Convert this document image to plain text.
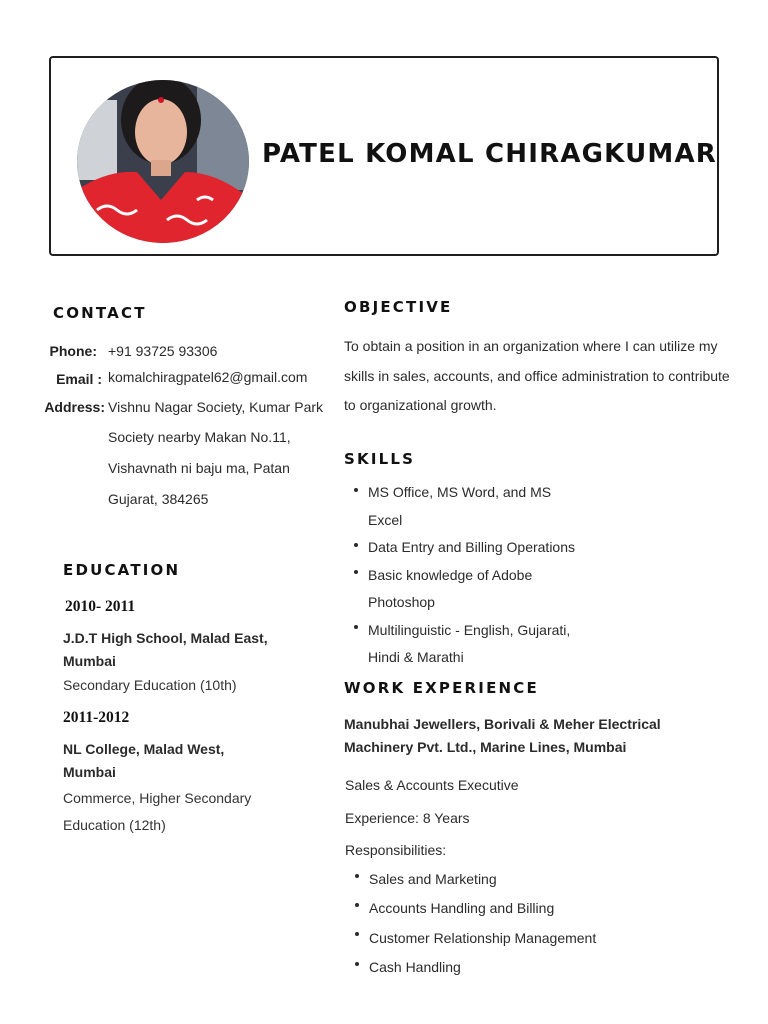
PATEL KOMAL CHIRAGKUMAR
CONTACT
Phone: +91 93725 93306
Email : komalchiragpatel62@gmail.com
Address: Vishnu Nagar Society, Kumar Park
Society nearby Makan No.11,
Vishavnath ni baju ma, Patan
Gujarat, 384265
EDUCATION
2010- 2011
J.D.T High School, Malad East,
Mumbai
Secondary Education (10th)
2011-2012
NL College, Malad West,
Mumbai
Commerce, Higher Secondary
Education (12th)
OBJECTIVE
To obtain a position in an organization where I can utilize my
skills in sales, accounts, and office administration to contribute
to organizational growth.
SKILLS
MS Office, MS Word, and MS Excel
Data Entry and Billing Operations
Basic knowledge of Adobe Photoshop
Multilinguistic - English, Gujarati, Hindi & Marathi
WORK EXPERIENCE
Manubhai Jewellers, Borivali & Meher Electrical
Machinery Pvt. Ltd., Marine Lines, Mumbai
Sales & Accounts Executive
Experience: 8 Years
Responsibilities:
Sales and Marketing
Accounts Handling and Billing
Customer Relationship Management
Cash Handling
